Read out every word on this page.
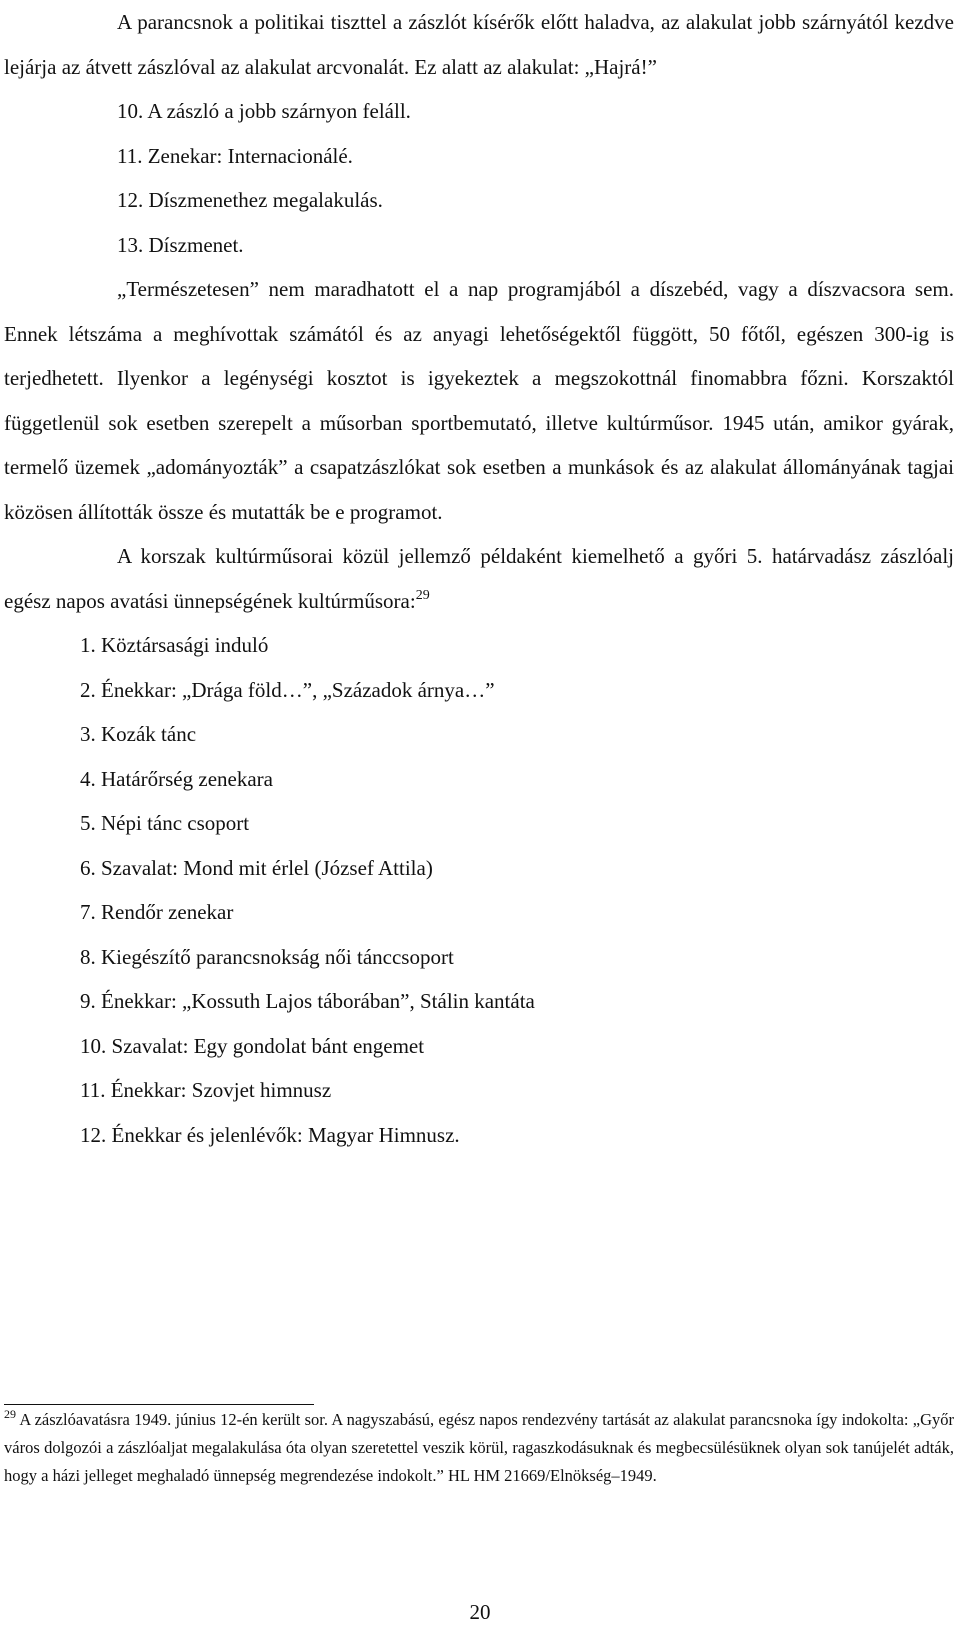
A parancsnok a politikai tiszttel a zászlót kísérők előtt haladva, az alakulat jobb szárnyától kezdve lejárja az átvett zászlóval az alakulat arcvonalát. Ez alatt az alakulat: „Hajrá!”

10. A zászló a jobb szárnyon feláll.

11. Zenekar: Internacionálé.

12. Díszmenethez megalakulás.

13. Díszmenet.

„Természetesen” nem maradhatott el a nap programjából a díszebéd, vagy a díszvacsora sem. Ennek létszáma a meghívottak számától és az anyagi lehetőségektől függött, 50 főtől, egészen 300-ig is terjedhetett. Ilyenkor a legénységi kosztot is igyekeztek a megszokottnál finomabbra főzni. Korszaktól függetlenül sok esetben szerepelt a műsorban sportbemutató, illetve kultúrműsor. 1945 után, amikor gyárak, termelő üzemek „adományozták” a csapatzászlókat sok esetben a munkások és az alakulat állományának tagjai közösen állították össze és mutatták be e programot.

A korszak kultúrműsorai közül jellemző példaként kiemelhető a győri 5. határvadász zászlóalj egész napos avatási ünnepségének kultúrműsora:$^{29}$

1. Köztársasági induló

2. Énekkar: „Drága föld…”, „Századok árnya…”

3. Kozák tánc

4. Határőrség zenekara

5. Népi tánc csoport

6. Szavalat: Mond mit érlel (József Attila)

7. Rendőr zenekar

8. Kiegészítő parancsnokság női tánccsoport

9. Énekkar: „Kossuth Lajos táborában”, Stálin kantáta

10. Szavalat: Egy gondolat bánt engemet

11. Énekkar: Szovjet himnusz

12. Énekkar és jelenlévők: Magyar Himnusz.

$^{29}$ A zászlóavatásra 1949. június 12-én került sor. A nagyszabású, egész napos rendezvény tartását az alakulat parancsnoka így indokolta: „Győr város dolgozói a zászlóaljat megalakulása óta olyan szeretettel veszik körül, ragaszkodásuknak és megbecsülésüknek olyan sok tanújelét adták, hogy a házi jelleget meghaladó ünnepség megrendezése indokolt.” HL HM 21669/Elnökség–1949.

20
